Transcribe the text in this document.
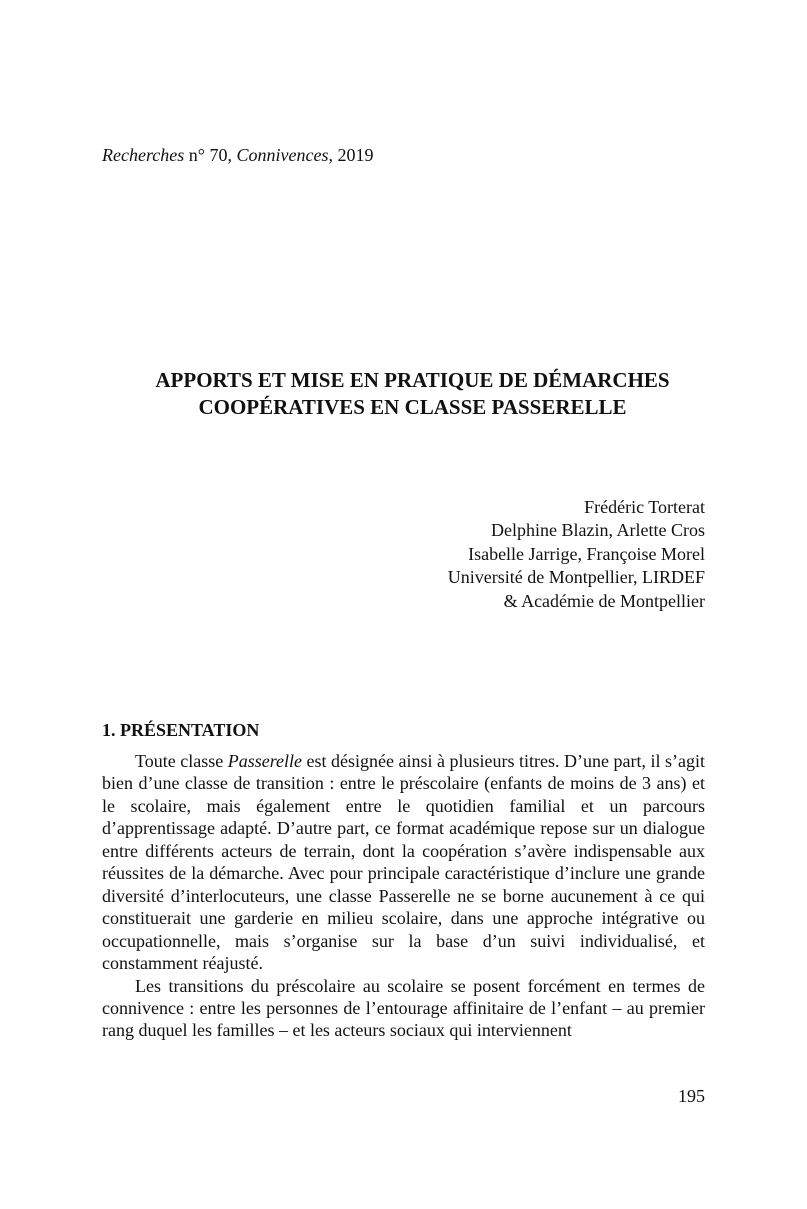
Recherches n° 70, Connivences, 2019
APPORTS ET MISE EN PRATIQUE DE DÉMARCHES
COOPÉRATIVES EN CLASSE PASSERELLE
Frédéric Torterat
Delphine Blazin, Arlette Cros
Isabelle Jarrige, Françoise Morel
Université de Montpellier, LIRDEF
& Académie de Montpellier
1. PRÉSENTATION

Toute classe Passerelle est désignée ainsi à plusieurs titres. D’une part, il s’agit bien d’une classe de transition : entre le préscolaire (enfants de moins de 3 ans) et le scolaire, mais également entre le quotidien familial et un parcours d’apprentissage adapté. D’autre part, ce format académique repose sur un dialogue entre différents acteurs de terrain, dont la coopération s’avère indispensable aux réussites de la démarche. Avec pour principale caractéristique d’inclure une grande diversité d’interlocuteurs, une classe Passerelle ne se borne aucunement à ce qui constituerait une garderie en milieu scolaire, dans une approche intégrative ou occupationnelle, mais s’organise sur la base d’un suivi individualisé, et constamment réajusté.

Les transitions du préscolaire au scolaire se posent forcément en termes de connivence : entre les personnes de l’entourage affinitaire de l’enfant – au premier rang duquel les familles – et les acteurs sociaux qui interviennent

195
